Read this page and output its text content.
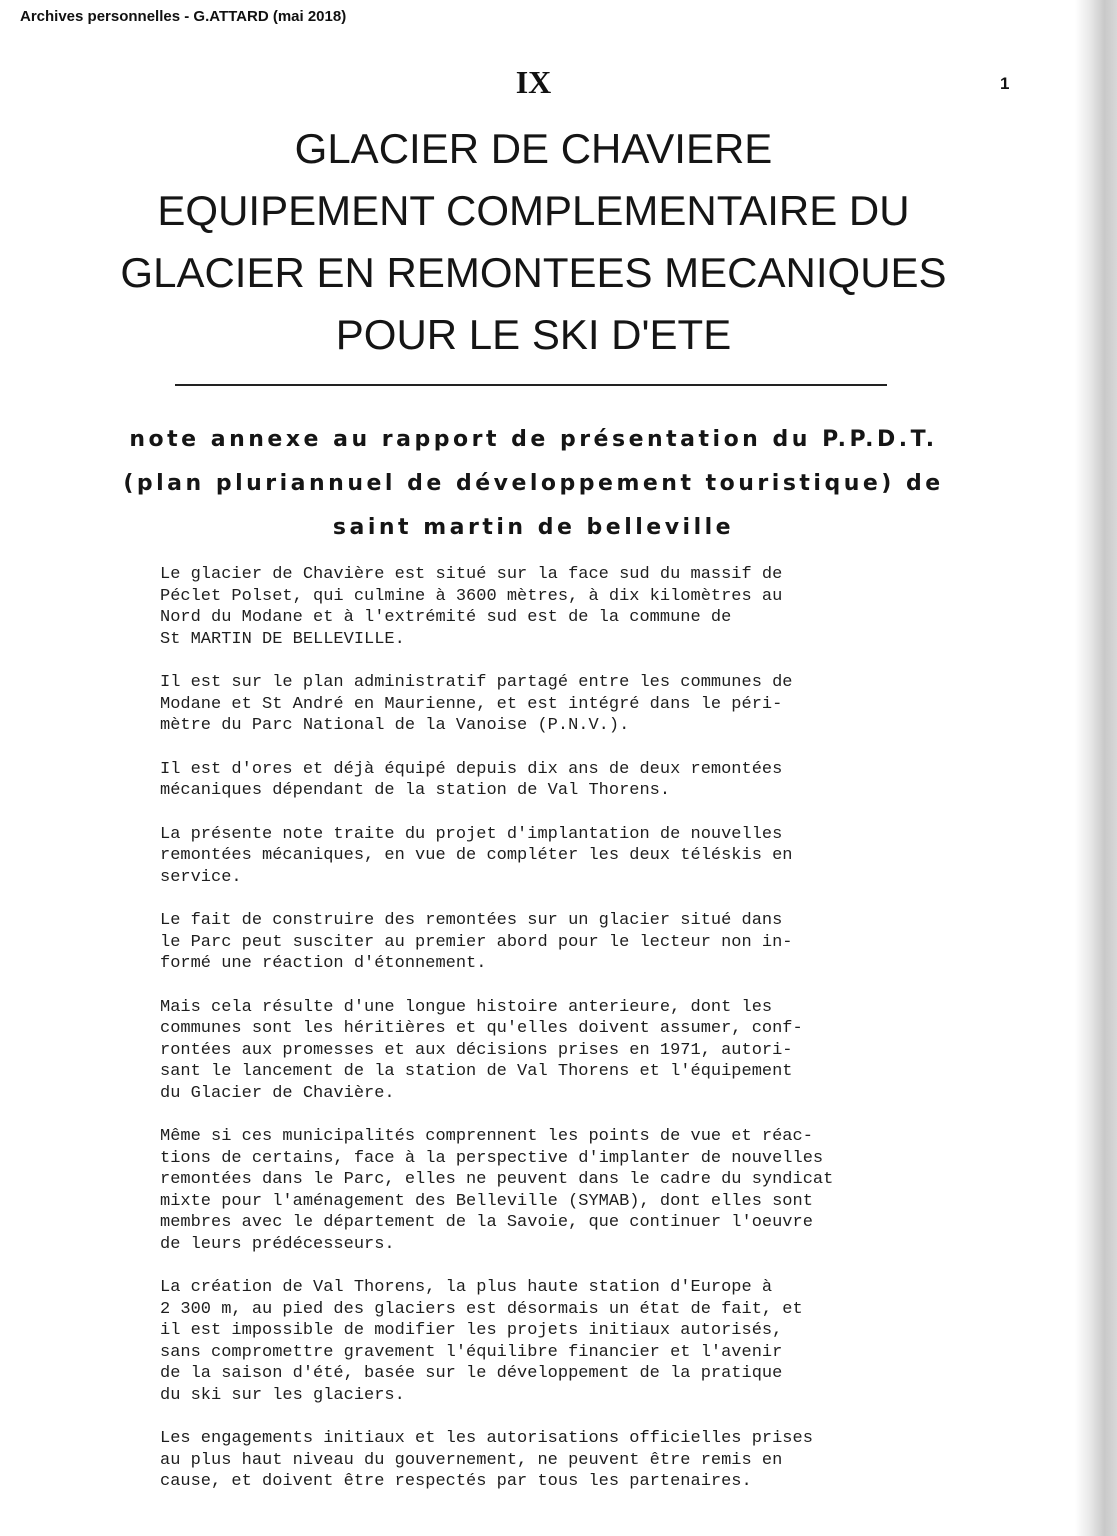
Archives personnelles - G.ATTARD (mai 2018)
IX	1
GLACIER DE CHAVIERE
EQUIPEMENT COMPLEMENTAIRE DU
GLACIER EN REMONTEES MECANIQUES
POUR LE SKI D'ETE
note annexe au rapport de présentation du P.P.D.T.
(plan pluriannuel de développement touristique) de
saint martin de belleville
Le glacier de Chavière est situé sur la face sud du massif de
Péclet Polset, qui culmine à 3600 mètres, à dix kilomètres au
Nord du Modane et à l'extrémité sud est de la commune de
St MARTIN DE BELLEVILLE.
Il est sur le plan administratif partagé entre les communes de
Modane et St André en Maurienne, et est intégré dans le péri-
mètre du Parc National de la Vanoise (P.N.V.).
Il est d'ores et déjà équipé depuis dix ans de deux remontées
mécaniques dépendant de la station de Val Thorens.
La présente note traite du projet d'implantation de nouvelles
remontées mécaniques, en vue de compléter les deux téléskis en
service.
Le fait de construire des remontées sur un glacier situé dans
le Parc peut susciter au premier abord pour le lecteur non in-
formé une réaction d'étonnement.
Mais cela résulte d'une longue histoire anterieure, dont les
communes sont les héritières et qu'elles doivent assumer, conf-
rontées aux promesses et aux décisions prises en 1971, autori-
sant le lancement de la station de Val Thorens et l'équipement
du Glacier de Chavière.
Même si ces municipalités comprennent les points de vue et réac-
tions de certains, face à la perspective d'implanter de nouvelles
remontées dans le Parc, elles ne peuvent dans le cadre du syndicat
mixte pour l'aménagement des Belleville (SYMAB), dont elles sont
membres avec le département de la Savoie, que continuer l'oeuvre
de leurs prédécesseurs.
La création de Val Thorens, la plus haute station d'Europe à
2 300 m, au pied des glaciers est désormais un état de fait, et
il est impossible de modifier les projets initiaux autorisés,
sans compromettre gravement l'équilibre financier et l'avenir
de la saison d'été, basée sur le développement de la pratique
du ski sur les glaciers.
Les engagements initiaux et les autorisations officielles prises
au plus haut niveau du gouvernement, ne peuvent être remis en
cause, et doivent être respectés par tous les partenaires.
